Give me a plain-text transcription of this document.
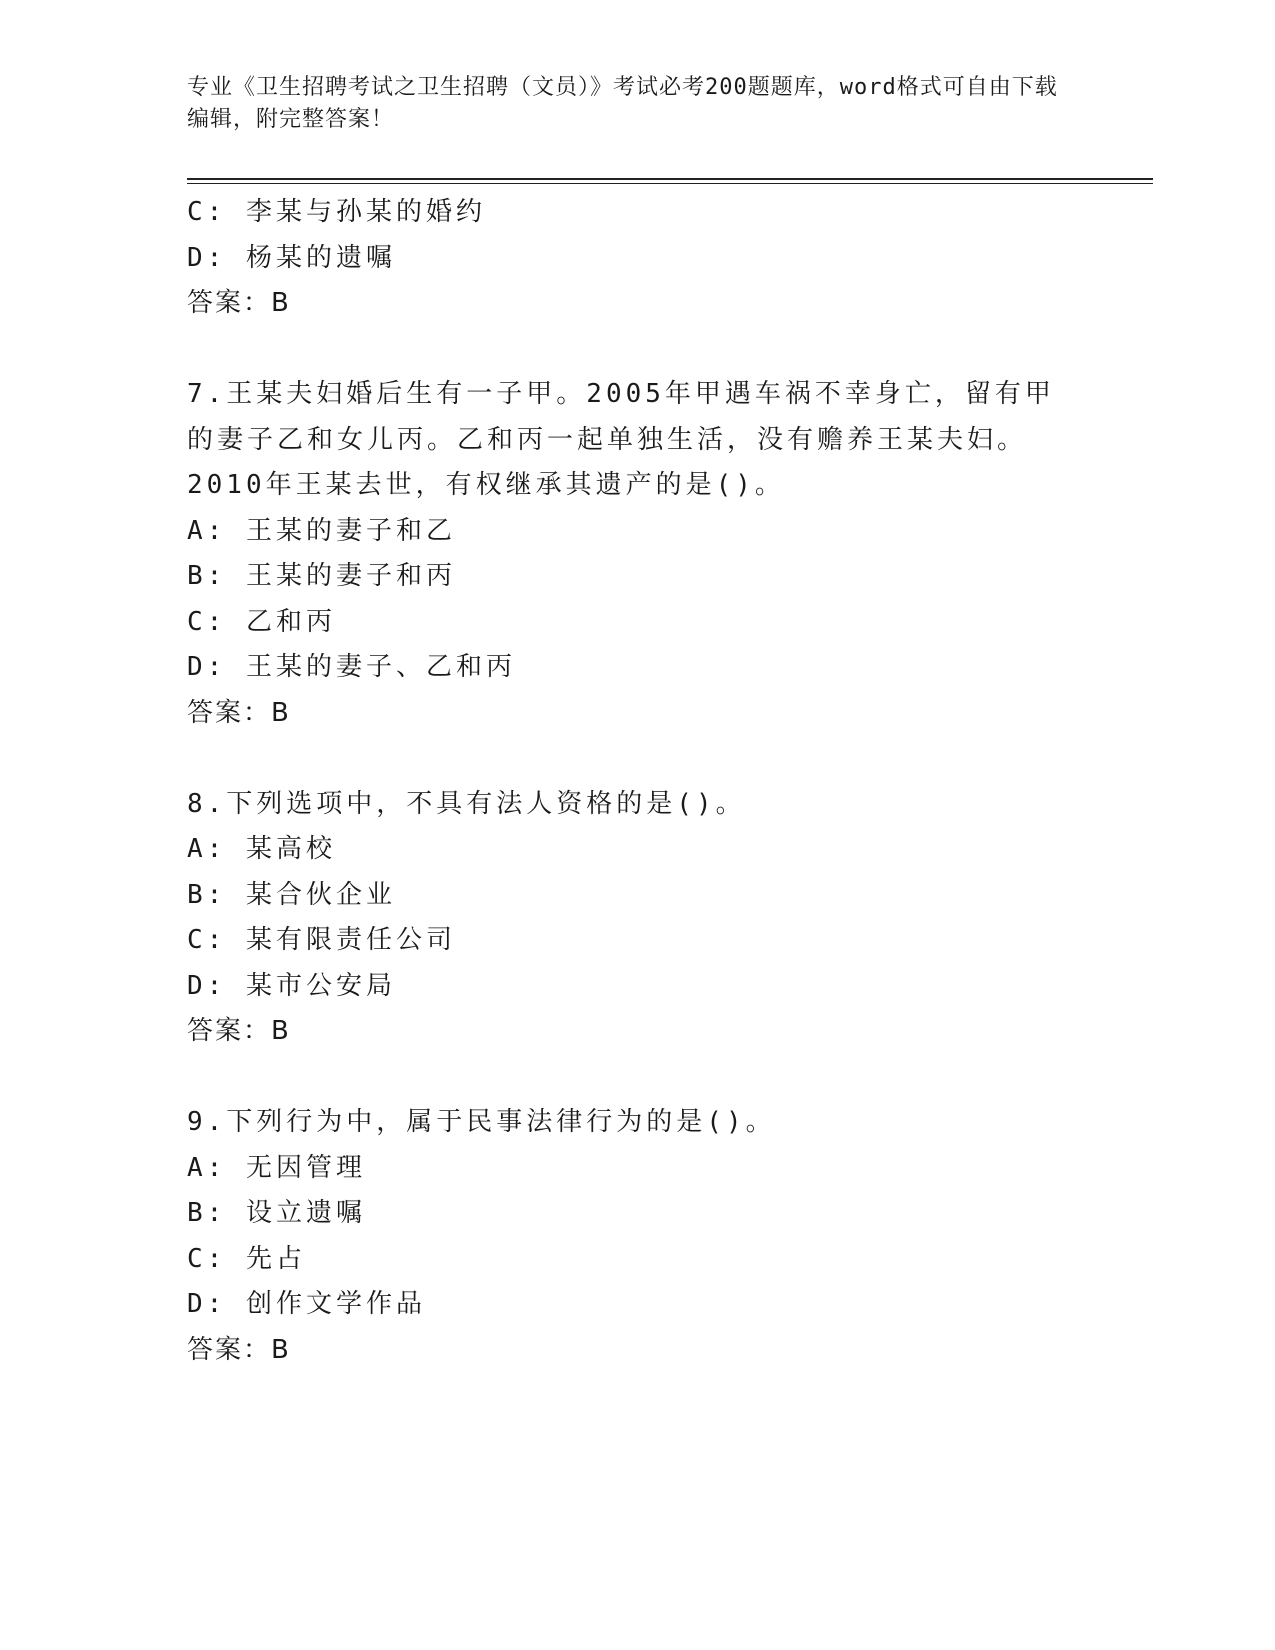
专业《卫生招聘考试之卫生招聘（文员）》考试必考200题题库，word格式可自由下载编辑，附完整答案！
C: 李某与孙某的婚约
D: 杨某的遗嘱
答案：B
7.王某夫妇婚后生有一子甲。2005年甲遇车祸不幸身亡，留有甲的妻子乙和女儿丙。乙和丙一起单独生活，没有赡养王某夫妇。2010年王某去世，有权继承其遗产的是()。
A: 王某的妻子和乙
B: 王某的妻子和丙
C: 乙和丙
D: 王某的妻子、乙和丙
答案：B
8.下列选项中，不具有法人资格的是()。
A: 某高校
B: 某合伙企业
C: 某有限责任公司
D: 某市公安局
答案：B
9.下列行为中，属于民事法律行为的是()。
A: 无因管理
B: 设立遗嘱
C: 先占
D: 创作文学作品
答案：B
